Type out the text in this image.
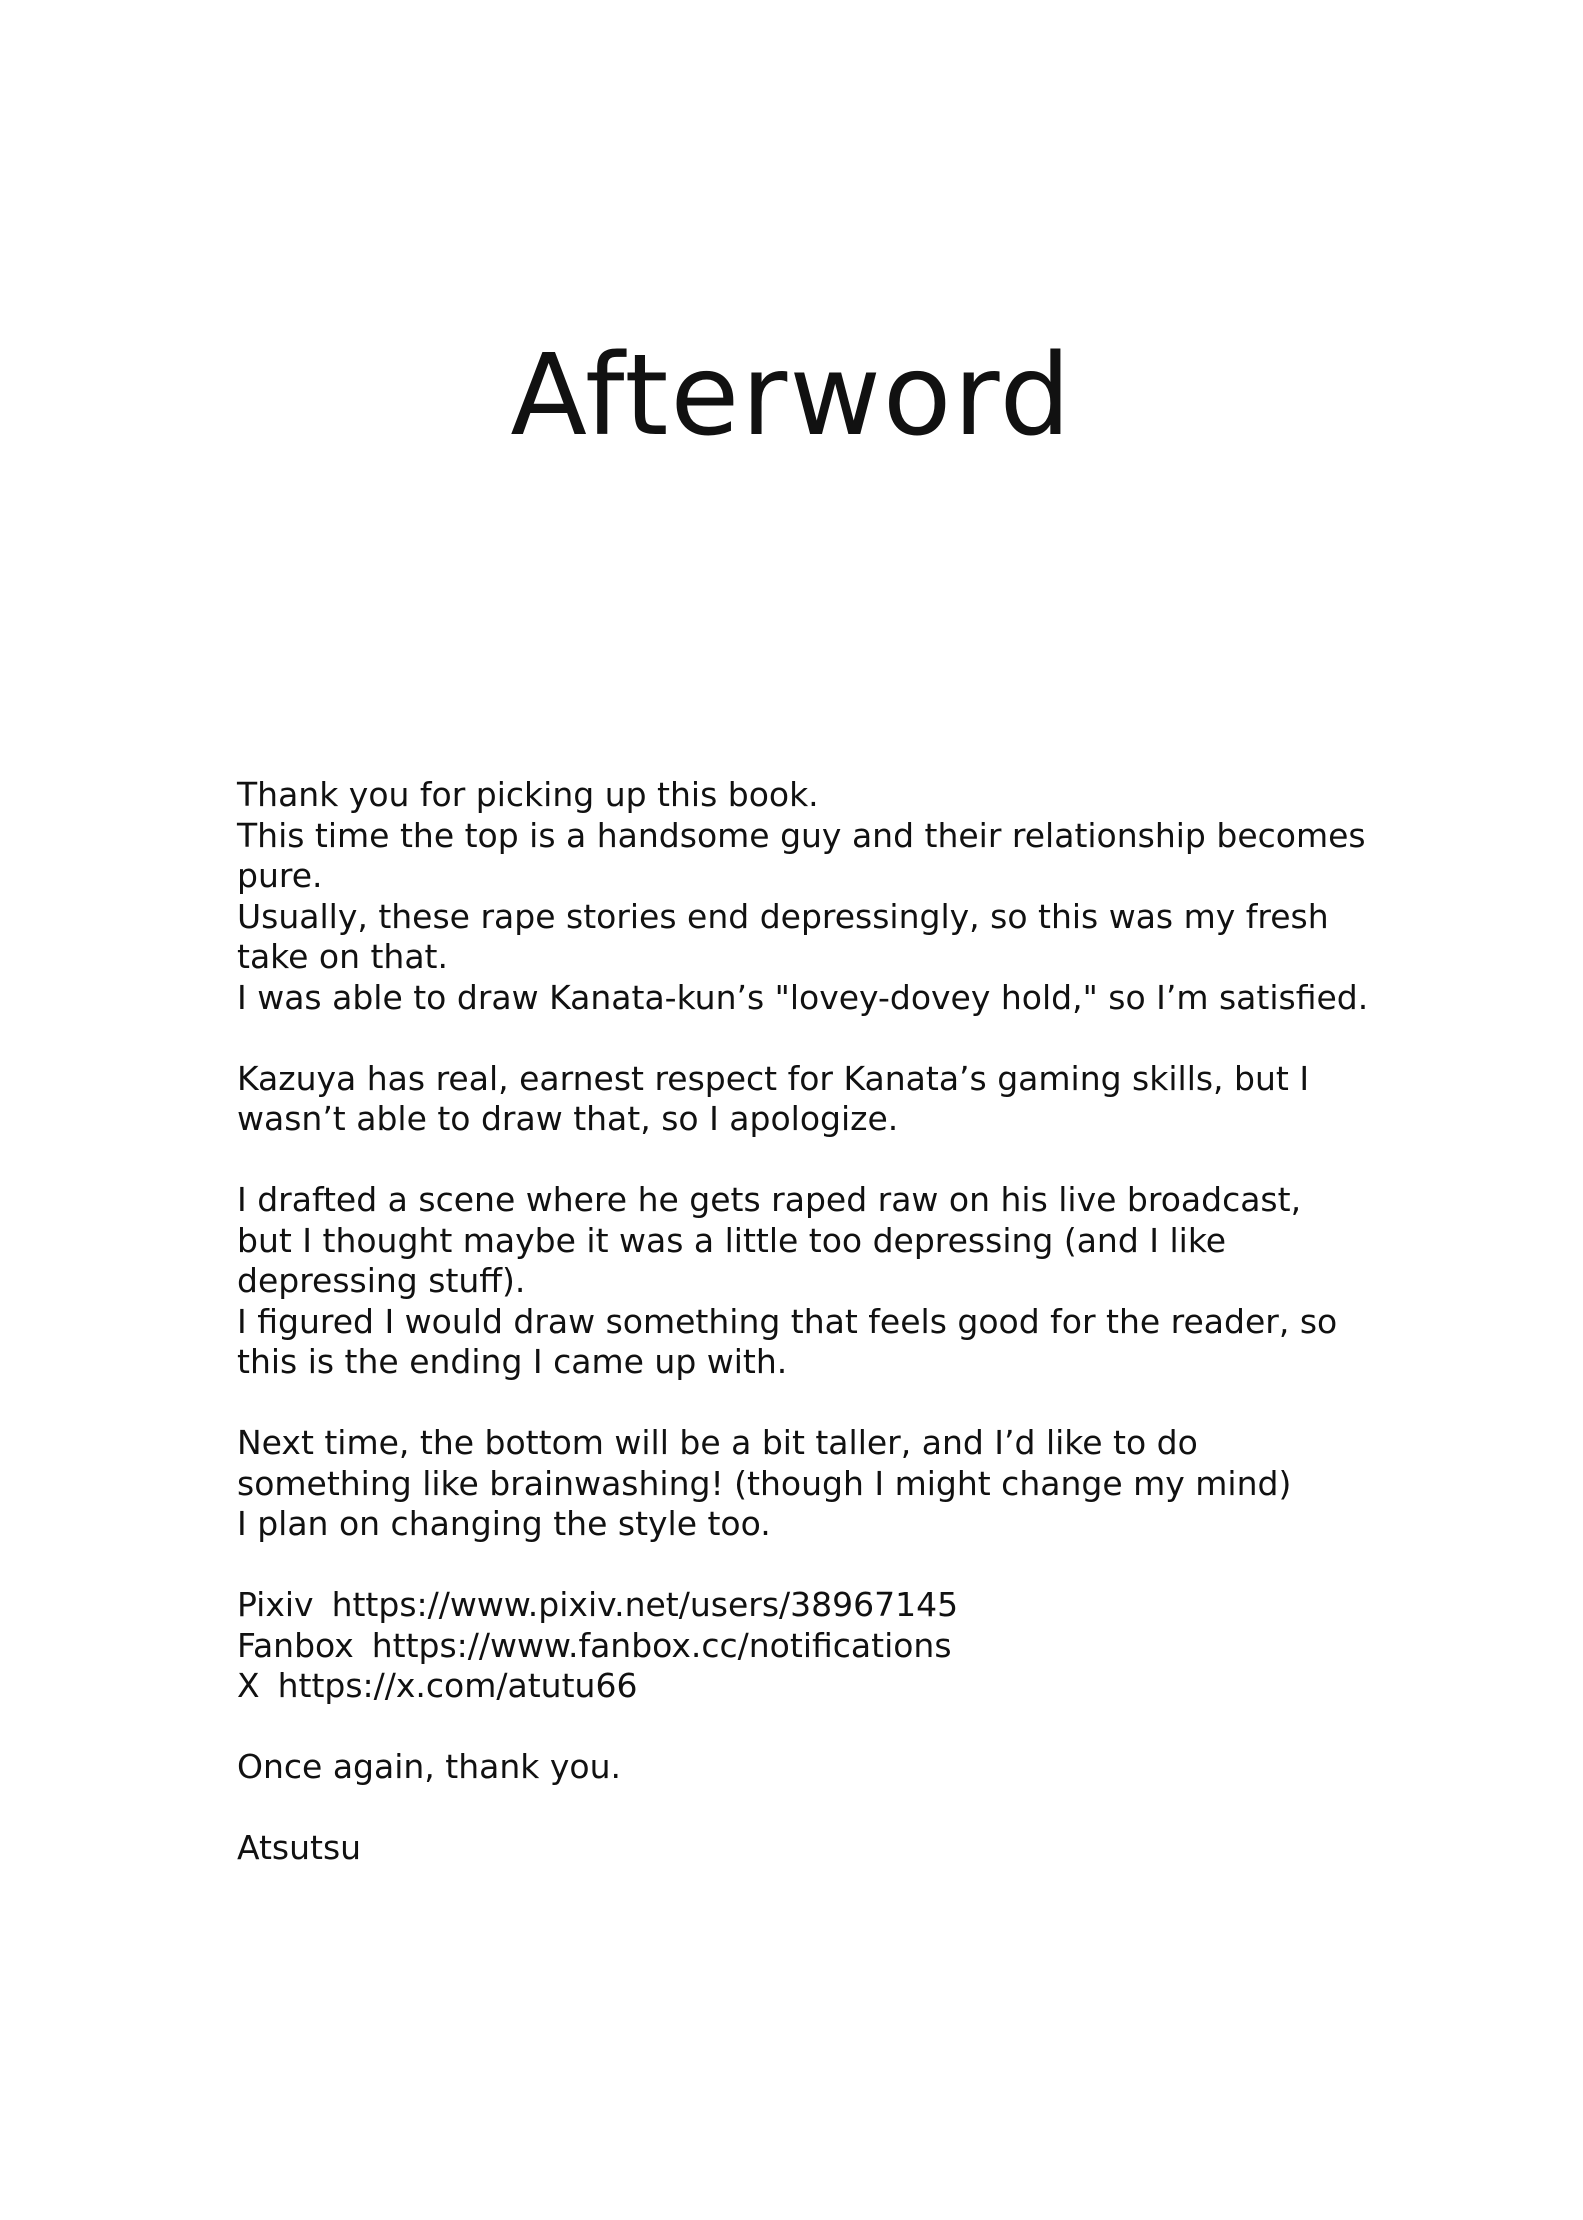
Afterword

Thank you for picking up this book.
This time the top is a handsome guy and their relationship becomes
pure.
Usually, these rape stories end depressingly, so this was my fresh
take on that.
I was able to draw Kanata-kun’s "lovey-dovey hold," so I’m satisfied.

Kazuya has real, earnest respect for Kanata’s gaming skills, but I
wasn’t able to draw that, so I apologize.

I drafted a scene where he gets raped raw on his live broadcast,
but I thought maybe it was a little too depressing (and I like
depressing stuff).
I figured I would draw something that feels good for the reader, so
this is the ending I came up with.

Next time, the bottom will be a bit taller, and I’d like to do
something like brainwashing! (though I might change my mind)
I plan on changing the style too.

Pixiv https://www.pixiv.net/users/38967145
Fanbox https://www.fanbox.cc/notifications
X https://x.com/atutu66

Once again, thank you.

Atsutsu
